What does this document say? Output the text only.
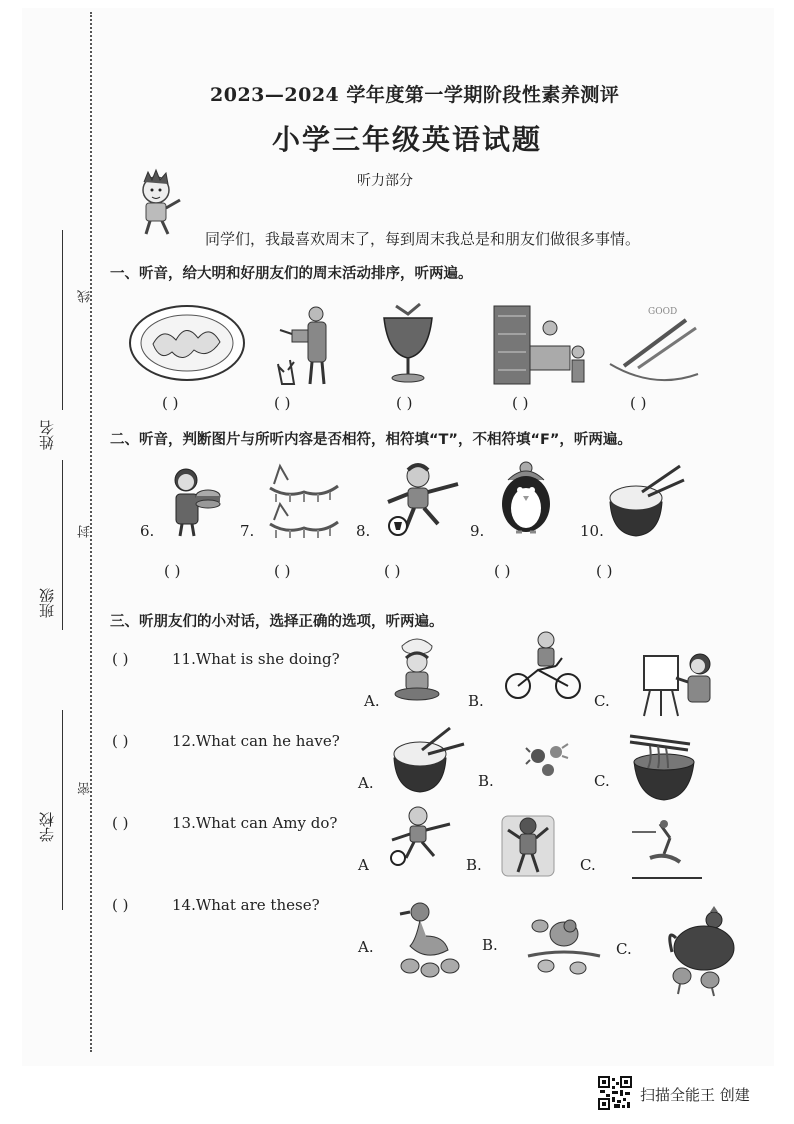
姓名
班级
学校
线
封
密
2023—2024 学年度第一学期阶段性素养测评
小学三年级英语试题
听力部分
同学们，我最喜欢周末了，每到周末我总是和朋友们做很多事情。
一、听音，给大明和好朋友们的周末活动排序，听两遍。
GOOD
( )	( )	( )	( )	( )
二、听音，判断图片与所听内容是否相符，相符填“T”，不相符填“F”，听两遍。
6.	7.	8.	9.	10.
( )	( )	( )	( )	( )
三、听朋友们的小对话，选择正确的选项，听两遍。
( )	11.What is she doing?
A.	B.	C.
( )	12.What can he have?
A.	B.	C.
( )	13.What can Amy do?
A	B.	C.
( )	14.What are these?
A.	B.	C.
扫描全能王 创建
